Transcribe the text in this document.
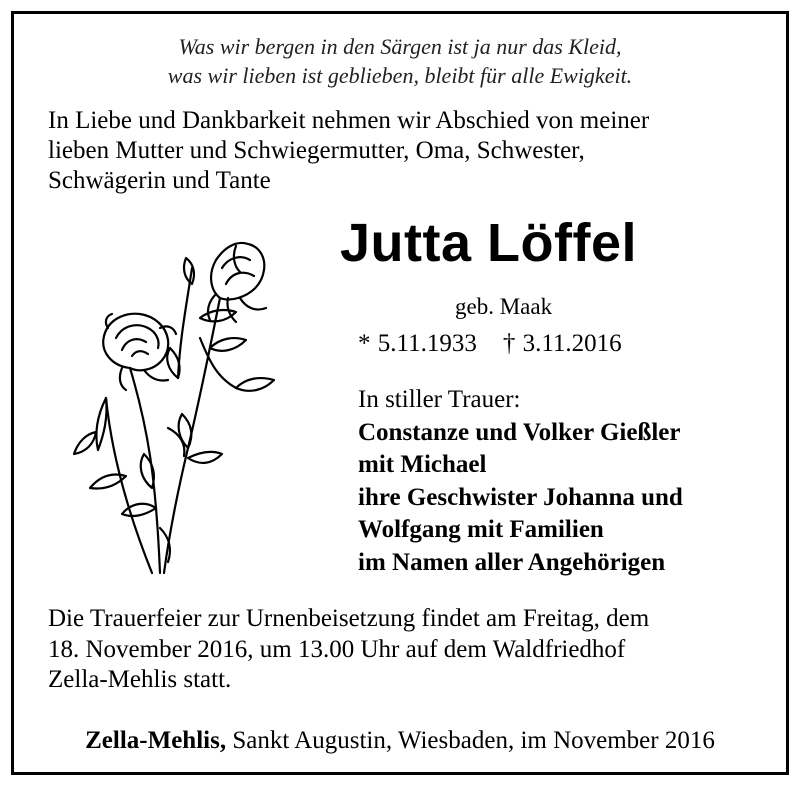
Was wir bergen in den Särgen ist ja nur das Kleid,
was wir lieben ist geblieben, bleibt für alle Ewigkeit.
In Liebe und Dankbarkeit nehmen wir Abschied von meiner
lieben Mutter und Schwiegermutter, Oma, Schwester,
Schwägerin und Tante
Jutta Löffel
geb. Maak
* 5.11.1933 † 3.11.2016
In stiller Trauer:
Constanze und Volker Gießler
mit Michael
ihre Geschwister Johanna und
Wolfgang mit Familien
im Namen aller Angehörigen
Die Trauerfeier zur Urnenbeisetzung findet am Freitag, dem
18. November 2016, um 13.00 Uhr auf dem Waldfriedhof
Zella-Mehlis statt.
Zella-Mehlis, Sankt Augustin, Wiesbaden, im November 2016
